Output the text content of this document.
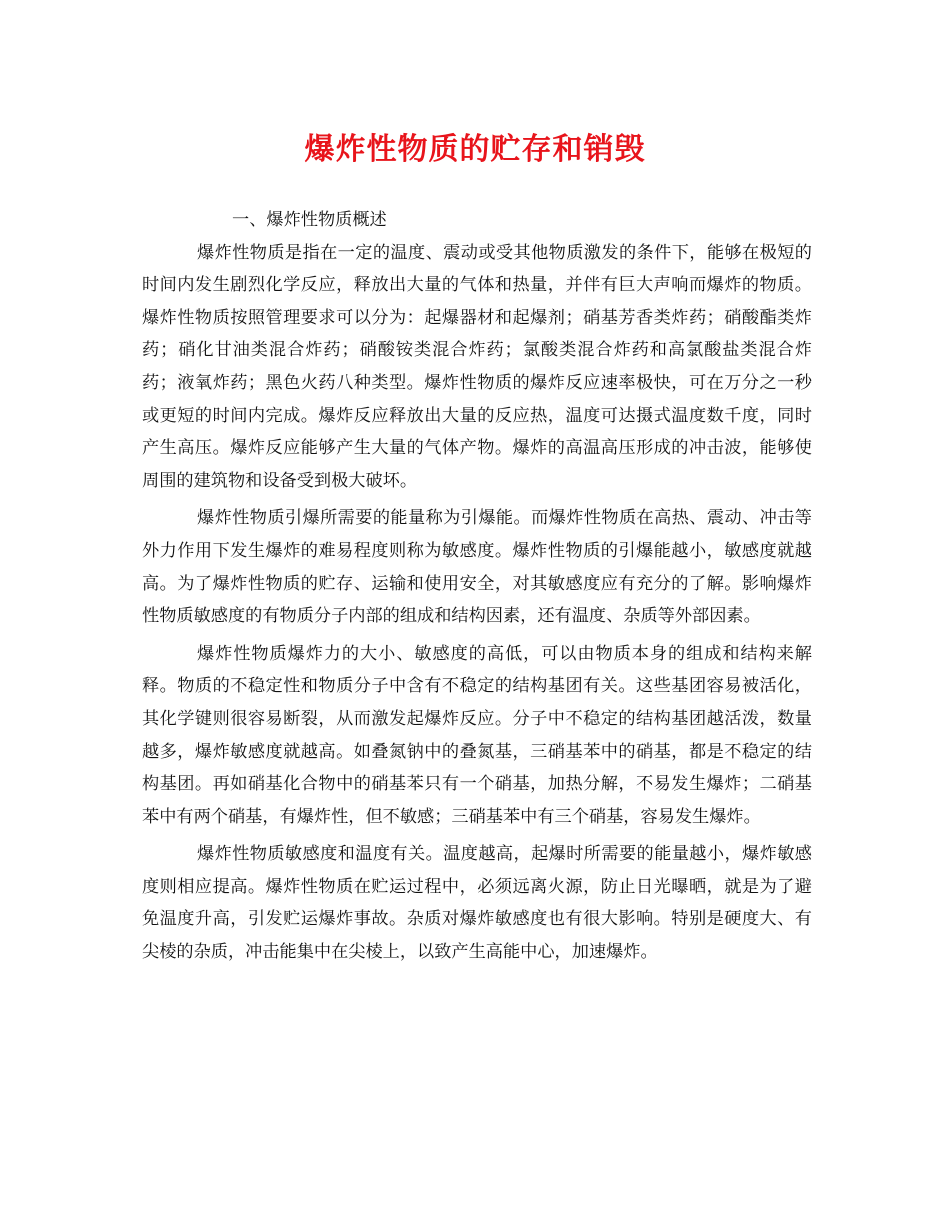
爆炸性物质的贮存和销毁

一、爆炸性物质概述

爆炸性物质是指在一定的温度、震动或受其他物质激发的条件下，能够在极短的时间内发生剧烈化学反应，释放出大量的气体和热量，并伴有巨大声响而爆炸的物质。爆炸性物质按照管理要求可以分为：起爆器材和起爆剂；硝基芳香类炸药；硝酸酯类炸药；硝化甘油类混合炸药；硝酸铵类混合炸药；氯酸类混合炸药和高氯酸盐类混合炸药；液氧炸药；黑色火药八种类型。爆炸性物质的爆炸反应速率极快，可在万分之一秒或更短的时间内完成。爆炸反应释放出大量的反应热，温度可达摄式温度数千度，同时产生高压。爆炸反应能够产生大量的气体产物。爆炸的高温高压形成的冲击波，能够使周围的建筑物和设备受到极大破坏。

爆炸性物质引爆所需要的能量称为引爆能。而爆炸性物质在高热、震动、冲击等外力作用下发生爆炸的难易程度则称为敏感度。爆炸性物质的引爆能越小，敏感度就越高。为了爆炸性物质的贮存、运输和使用安全，对其敏感度应有充分的了解。影响爆炸性物质敏感度的有物质分子内部的组成和结构因素，还有温度、杂质等外部因素。

爆炸性物质爆炸力的大小、敏感度的高低，可以由物质本身的组成和结构来解释。物质的不稳定性和物质分子中含有不稳定的结构基团有关。这些基团容易被活化，其化学键则很容易断裂，从而激发起爆炸反应。分子中不稳定的结构基团越活泼，数量越多，爆炸敏感度就越高。如叠氮钠中的叠氮基，三硝基苯中的硝基，都是不稳定的结构基团。再如硝基化合物中的硝基苯只有一个硝基，加热分解，不易发生爆炸；二硝基苯中有两个硝基，有爆炸性，但不敏感；三硝基苯中有三个硝基，容易发生爆炸。

爆炸性物质敏感度和温度有关。温度越高，起爆时所需要的能量越小，爆炸敏感度则相应提高。爆炸性物质在贮运过程中，必须远离火源，防止日光曝晒，就是为了避免温度升高，引发贮运爆炸事故。杂质对爆炸敏感度也有很大影响。特别是硬度大、有尖棱的杂质，冲击能集中在尖棱上，以致产生高能中心，加速爆炸。
